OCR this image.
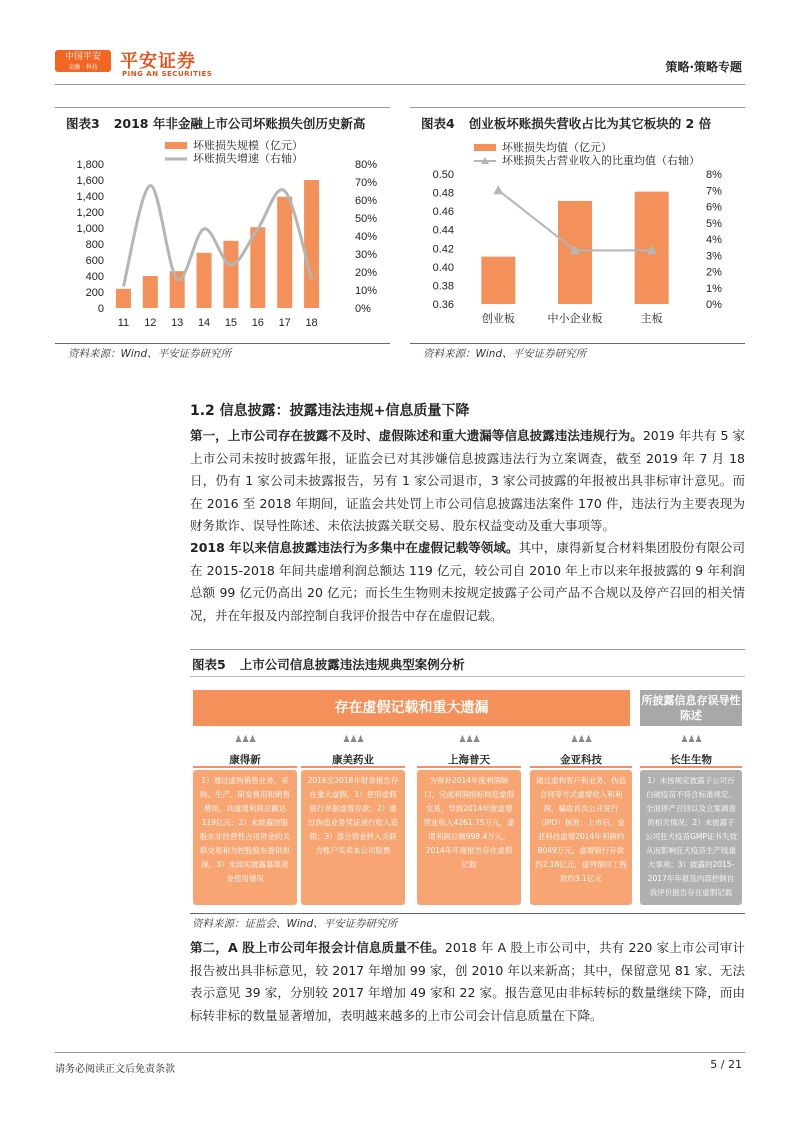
中国平安
金融 · 科技	平安证券
PING AN SECURITIES	策略·策略专题
图表3 2018 年非金融上市公司坏账损失创历史新高
坏账损失规模（亿元）
坏账损失增速（右轴）
0
200
400
600
800
1,000
1,200
1,400
1,600
1,800
0%
10%
20%
30%
40%
50%
60%
70%
80%
11 12 13 14 15 16 17 18
资料来源：Wind、平安证券研究所
图表4 创业板坏账损失营收占比为其它板块的 2 倍
坏账损失均值（亿元）
坏账损失占营业收入的比重均值（右轴）
0.36
0.38
0.40
0.42
0.44
0.46
0.48
0.50
0%
1%
2%
3%
4%
5%
6%
7%
8%
创业板	中小企业板	主板
资料来源：Wind、平安证券研究所
1.2 信息披露：披露违法违规+信息质量下降
第一，上市公司存在披露不及时、虚假陈述和重大遗漏等信息披露违法违规行为。2019 年共有 5 家上市公司未按时披露年报，证监会已对其涉嫌信息披露违法行为立案调查，截至 2019 年 7 月 18 日，仍有 1 家公司未披露报告，另有 1 家公司退市，3 家公司披露的年报被出具非标审计意见。而在 2016 至 2018 年期间，证监会共处罚上市公司信息披露违法案件 170 件，违法行为主要表现为财务欺诈、误导性陈述、未依法披露关联交易、股东权益变动及重大事项等。
2018 年以来信息披露违法行为多集中在虚假记载等领域。其中，康得新复合材料集团股份有限公司在 2015-2018 年间共虚增利润总额达 119 亿元，较公司自 2010 年上市以来年报披露的 9 年利润总额 99 亿元仍高出 20 亿元；而长生生物则未按规定披露子公司产品不合规以及停产召回的相关情况，并在年报及内部控制自我评价报告中存在虚假记载。
图表5 上市公司信息披露违法违规典型案例分析
存在虚假记载和重大遗漏	所披露信息存误导性陈述
♟♟♟
康得新
1）通过虚构销售业务、采购、生产、研发费用和销售费用，共虚增利润总额达119亿元；2）未披露控股股东非经营性占用资金的关联交易和为控股股东提供担保；3）未如实披露募集资金使用情况
♟♟♟
康美药业
2016至2018年财务报告存在重大虚假，1）使用虚假银行单据虚增存款；2）通过伪造业务凭证进行收入造假；3）部分资金转入关联方账户买卖本公司股票
♟♟♟
上海普天
为弥补2014年度利润缺口，完成利润指标构造虚假交易，导致2014年度虚增营业收入4261.75万元，虚增利润总额998.4万元。2014年年度报告存在虚假记载
♟♟♟
金亚科技
通过虚构客户和业务、伪造合同等方式虚增收入和利润，骗取首次公开发行（IPO）核准；上市后，金亚科技虚增2014年利润约8049万元，虚增银行存款约2.18亿元，虚列预付工程款约3.1亿元
♟♟♟
长生生物
1）未按规定披露子公司百白破疫苗不符合标准规定、全面停产召回以及立案调查的相关情况；2）未披露子公司狂犬疫苗GMP证书失效从而影响狂犬疫苗生产线重大事项；3）披露的2015-2017年年报及内部控制自我评价报告存在虚假记载
资料来源：证监会、Wind、平安证券研究所
第二，A 股上市公司年报会计信息质量不佳。2018 年 A 股上市公司中，共有 220 家上市公司审计报告被出具非标意见，较 2017 年增加 99 家，创 2010 年以来新高；其中，保留意见 81 家、无法表示意见 39 家，分别较 2017 年增加 49 家和 22 家。报告意见由非标转标的数量继续下降，而由标转非标的数量显著增加，表明越来越多的上市公司会计信息质量在下降。
请务必阅读正文后免责条款	5 / 21
